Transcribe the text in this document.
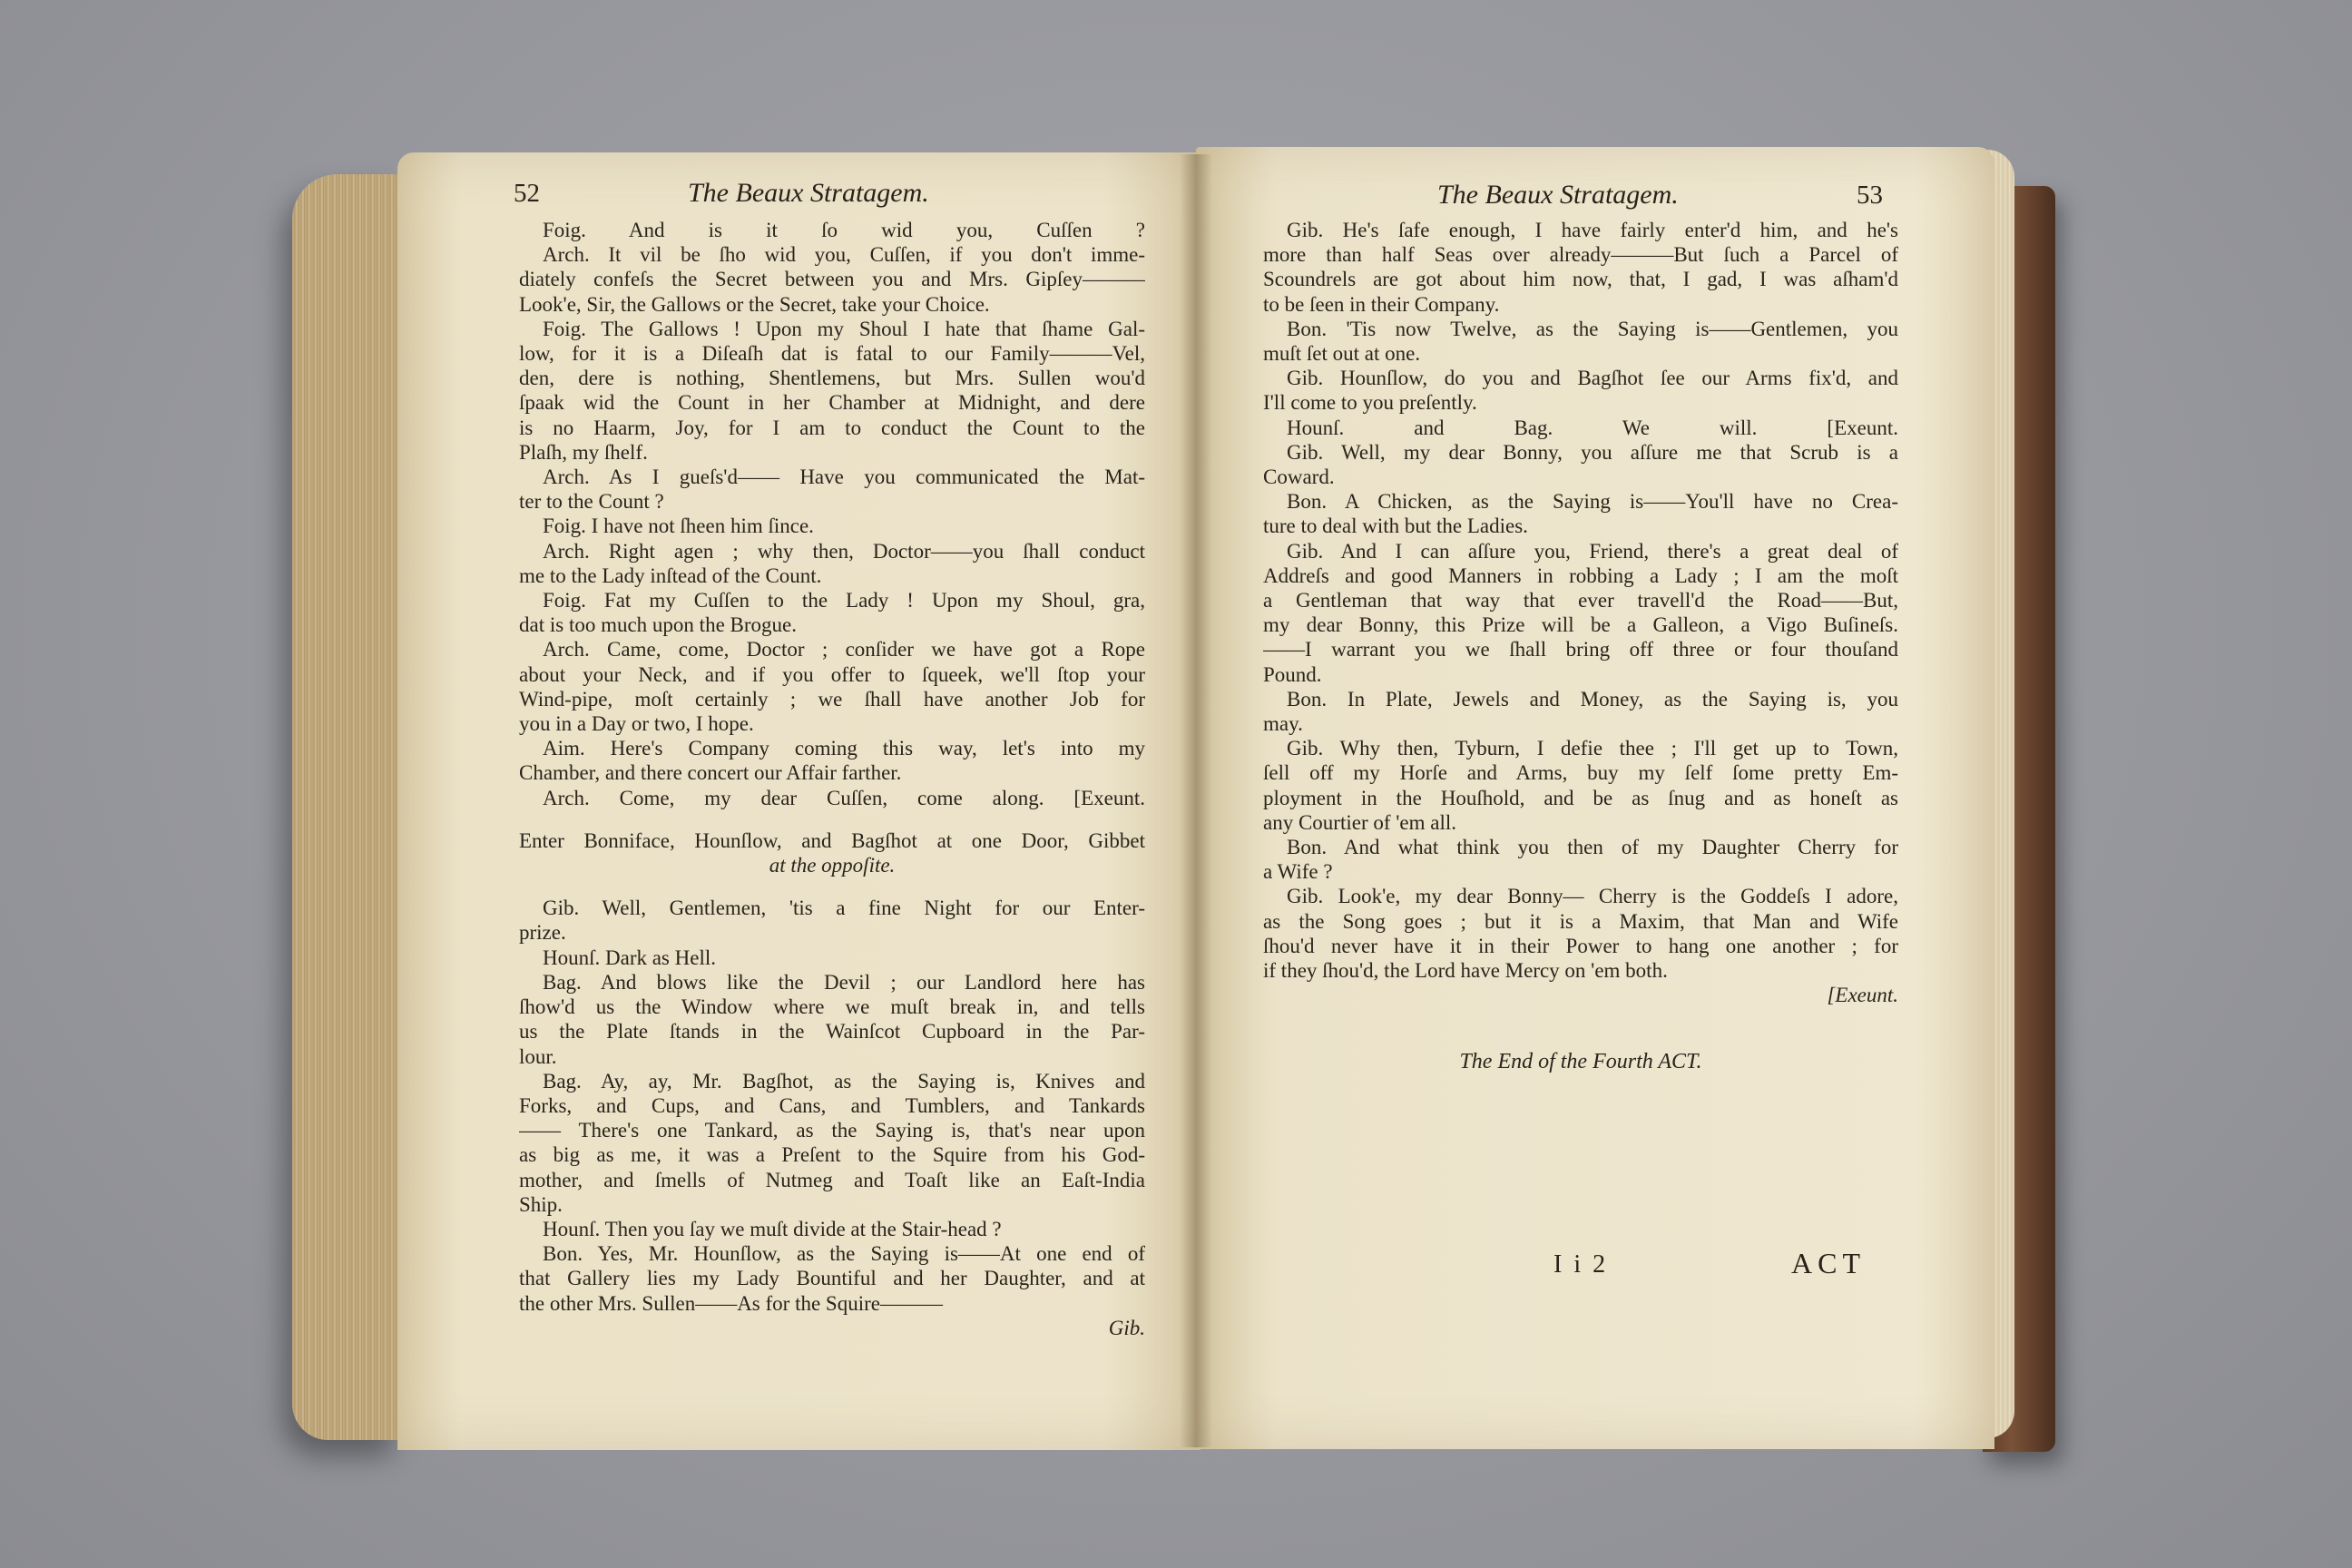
52	The Beaux Stratagem.	The Beaux Stratagem.	53
Foig. And is it ſo wid you, Cuſſen ?
Arch. It vil be ſho wid you, Cuſſen, if you don't imme-
diately confeſs the Secret between you and Mrs. Gipſey———
Look'e, Sir, the Gallows or the Secret, take your Choice.
Foig. The Gallows ! Upon my Shoul I hate that ſhame Gal-
low, for it is a Diſeaſh dat is fatal to our Family———Vel,
den, dere is nothing, Shentlemens, but Mrs. Sullen wou'd
ſpaak wid the Count in her Chamber at Midnight, and dere
is no Haarm, Joy, for I am to conduct the Count to the
Plaſh, my ſhelf.
Arch. As I gueſs'd—— Have you communicated the Mat-
ter to the Count ?
Foig. I have not ſheen him ſince.
Arch. Right agen ; why then, Doctor——you ſhall conduct
me to the Lady inſtead of the Count.
Foig. Fat my Cuſſen to the Lady ! Upon my Shoul, gra,
dat is too much upon the Brogue.
Arch. Came, come, Doctor ; conſider we have got a Rope
about your Neck, and if you offer to ſqueek, we'll ſtop your
Wind-pipe, moſt certainly ; we ſhall have another Job for
you in a Day or two, I hope.
Aim. Here's Company coming this way, let's into my
Chamber, and there concert our Affair farther.
Arch. Come, my dear Cuſſen, come along. [Exeunt.
Enter Bonniface, Hounſlow, and Bagſhot at one Door, Gibbet
at the oppoſite.
Gib. Well, Gentlemen, 'tis a fine Night for our Enter-
prize.
Hounſ. Dark as Hell.
Bag. And blows like the Devil ; our Landlord here has
ſhow'd us the Window where we muſt break in, and tells
us the Plate ſtands in the Wainſcot Cupboard in the Par-
lour.
Bag. Ay, ay, Mr. Bagſhot, as the Saying is, Knives and
Forks, and Cups, and Cans, and Tumblers, and Tankards
—— There's one Tankard, as the Saying is, that's near upon
as big as me, it was a Preſent to the Squire from his God-
mother, and ſmells of Nutmeg and Toaſt like an Eaſt-India
Ship.
Hounſ. Then you ſay we muſt divide at the Stair-head ?
Bon. Yes, Mr. Hounſlow, as the Saying is——At one end of
that Gallery lies my Lady Bountiful and her Daughter, and at
the other Mrs. Sullen——As for the Squire———
Gib.
Gib. He's ſafe enough, I have fairly enter'd him, and he's
more than half Seas over already———But ſuch a Parcel of
Scoundrels are got about him now, that, I gad, I was aſham'd
to be ſeen in their Company.
Bon. 'Tis now Twelve, as the Saying is——Gentlemen, you
muſt ſet out at one.
Gib. Hounſlow, do you and Bagſhot ſee our Arms fix'd, and
I'll come to you preſently.
Hounſ. and Bag. We will. [Exeunt.
Gib. Well, my dear Bonny, you aſſure me that Scrub is a
Coward.
Bon. A Chicken, as the Saying is——You'll have no Crea-
ture to deal with but the Ladies.
Gib. And I can aſſure you, Friend, there's a great deal of
Addreſs and good Manners in robbing a Lady ; I am the moſt
a Gentleman that way that ever travell'd the Road——But,
my dear Bonny, this Prize will be a Galleon, a Vigo Buſineſs.
——I warrant you we ſhall bring off three or four thouſand
Pound.
Bon. In Plate, Jewels and Money, as the Saying is, you
may.
Gib. Why then, Tyburn, I defie thee ; I'll get up to Town,
ſell off my Horſe and Arms, buy my ſelf ſome pretty Em-
ployment in the Houſhold, and be as ſnug and as honeſt as
any Courtier of 'em all.
Bon. And what think you then of my Daughter Cherry for
a Wife ?
Gib. Look'e, my dear Bonny— Cherry is the Goddeſs I adore,
as the Song goes ; but it is a Maxim, that Man and Wife
ſhou'd never have it in their Power to hang one another ; for
if they ſhou'd, the Lord have Mercy on 'em both.
[Exeunt.
The End of the Fourth ACT.
I i 2	ACT
